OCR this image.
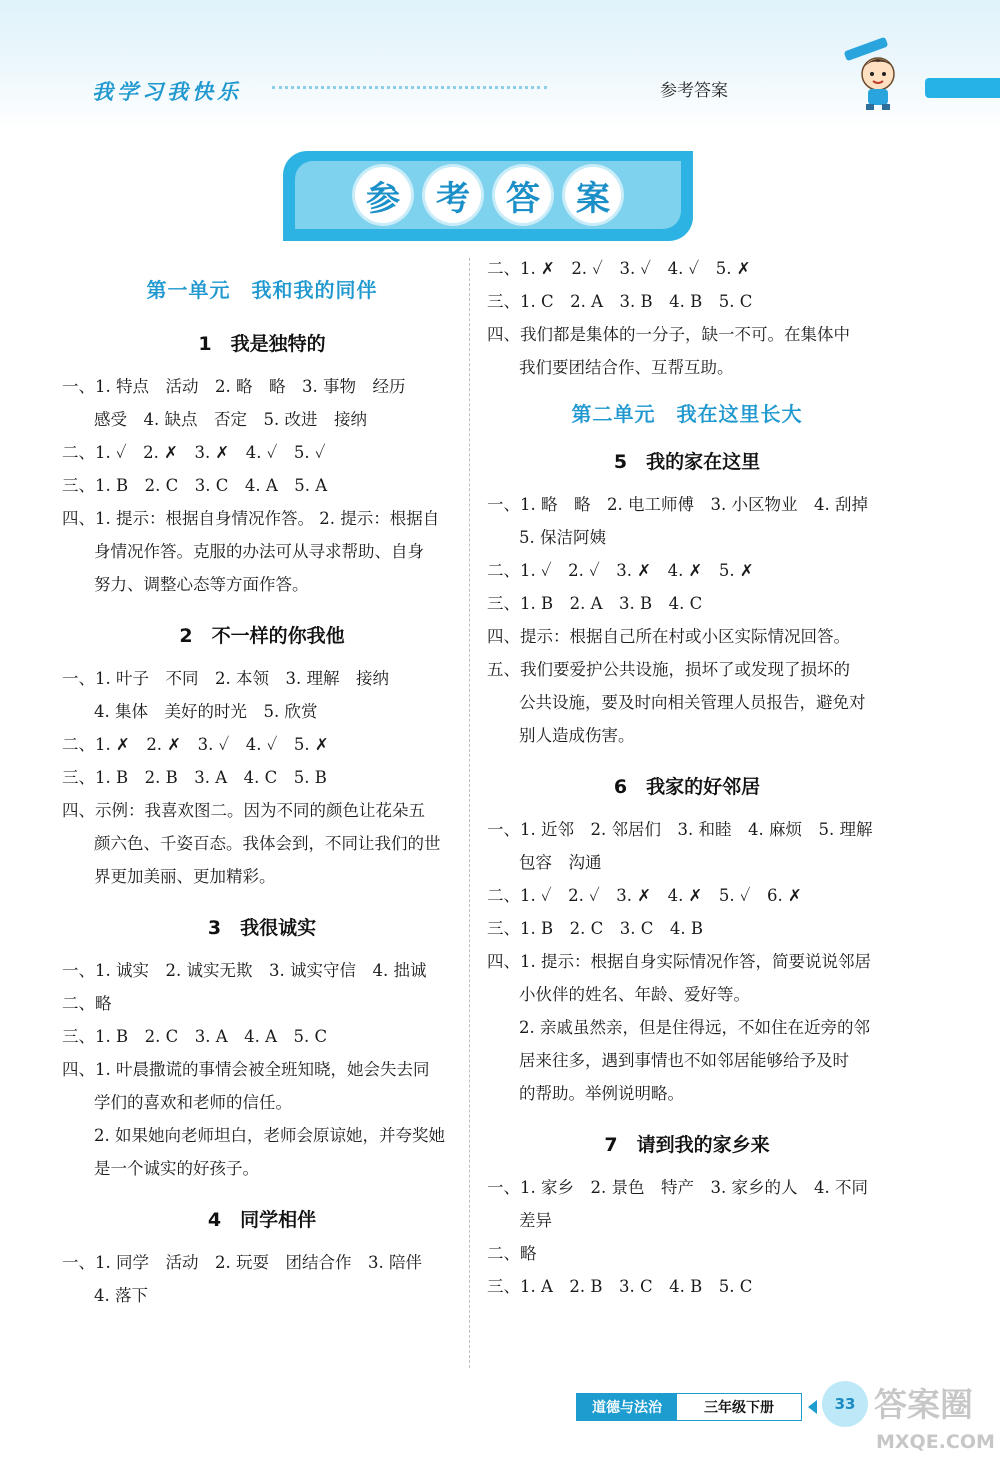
我学习我快乐	参考答案
参	考	答	案
第一单元　我和我的同伴
1　我是独特的
一、1. 特点　活动　2. 略　略　3. 事物　经历
感受　4. 缺点　否定　5. 改进　接纳
二、1. ✓　2. ✗　3. ✗　4. ✓　5. ✓
三、1. B　2. C　3. C　4. A　5. A
四、1. 提示：根据自身情况作答。 2. 提示：根据自
身情况作答。克服的办法可从寻求帮助、自身
努力、调整心态等方面作答。
2　不一样的你我他
一、1. 叶子　不同　2. 本领　3. 理解　接纳
4. 集体　美好的时光　5. 欣赏
二、1. ✗　2. ✗　3. ✓　4. ✓　5. ✗
三、1. B　2. B　3. A　4. C　5. B
四、示例：我喜欢图二。因为不同的颜色让花朵五
颜六色、千姿百态。我体会到，不同让我们的世
界更加美丽、更加精彩。
3　我很诚实
一、1. 诚实　2. 诚实无欺　3. 诚实守信　4. 拙诚
二、略
三、1. B　2. C　3. A　4. A　5. C
四、1. 叶晨撒谎的事情会被全班知晓，她会失去同
学们的喜欢和老师的信任。
2. 如果她向老师坦白，老师会原谅她，并夸奖她
是一个诚实的好孩子。
4　同学相伴
一、1. 同学　活动　2. 玩耍　团结合作　3. 陪伴
4. 落下
二、1. ✗　2. ✓　3. ✓　4. ✓　5. ✗
三、1. C　2. A　3. B　4. B　5. C
四、我们都是集体的一分子，缺一不可。在集体中
我们要团结合作、互帮互助。
第二单元　我在这里长大
5　我的家在这里
一、1. 略　略　2. 电工师傅　3. 小区物业　4. 刮掉
5. 保洁阿姨
二、1. ✓　2. ✓　3. ✗　4. ✗　5. ✗
三、1. B　2. A　3. B　4. C
四、提示：根据自己所在村或小区实际情况回答。
五、我们要爱护公共设施，损坏了或发现了损坏的
公共设施，要及时向相关管理人员报告，避免对
别人造成伤害。
6　我家的好邻居
一、1. 近邻　2. 邻居们　3. 和睦　4. 麻烦　5. 理解
包容　沟通
二、1. ✓　2. ✓　3. ✗　4. ✗　5. ✓　6. ✗
三、1. B　2. C　3. C　4. B
四、1. 提示：根据自身实际情况作答，简要说说邻居
小伙伴的姓名、年龄、爱好等。
2. 亲戚虽然亲，但是住得远，不如住在近旁的邻
居来往多，遇到事情也不如邻居能够给予及时
的帮助。举例说明略。
7　请到我的家乡来
一、1. 家乡　2. 景色　特产　3. 家乡的人　4. 不同
差异
二、略
三、1. A　2. B　3. C　4. B　5. C
道德与法治	三年级下册	33 答案圈
MXQE.COM
